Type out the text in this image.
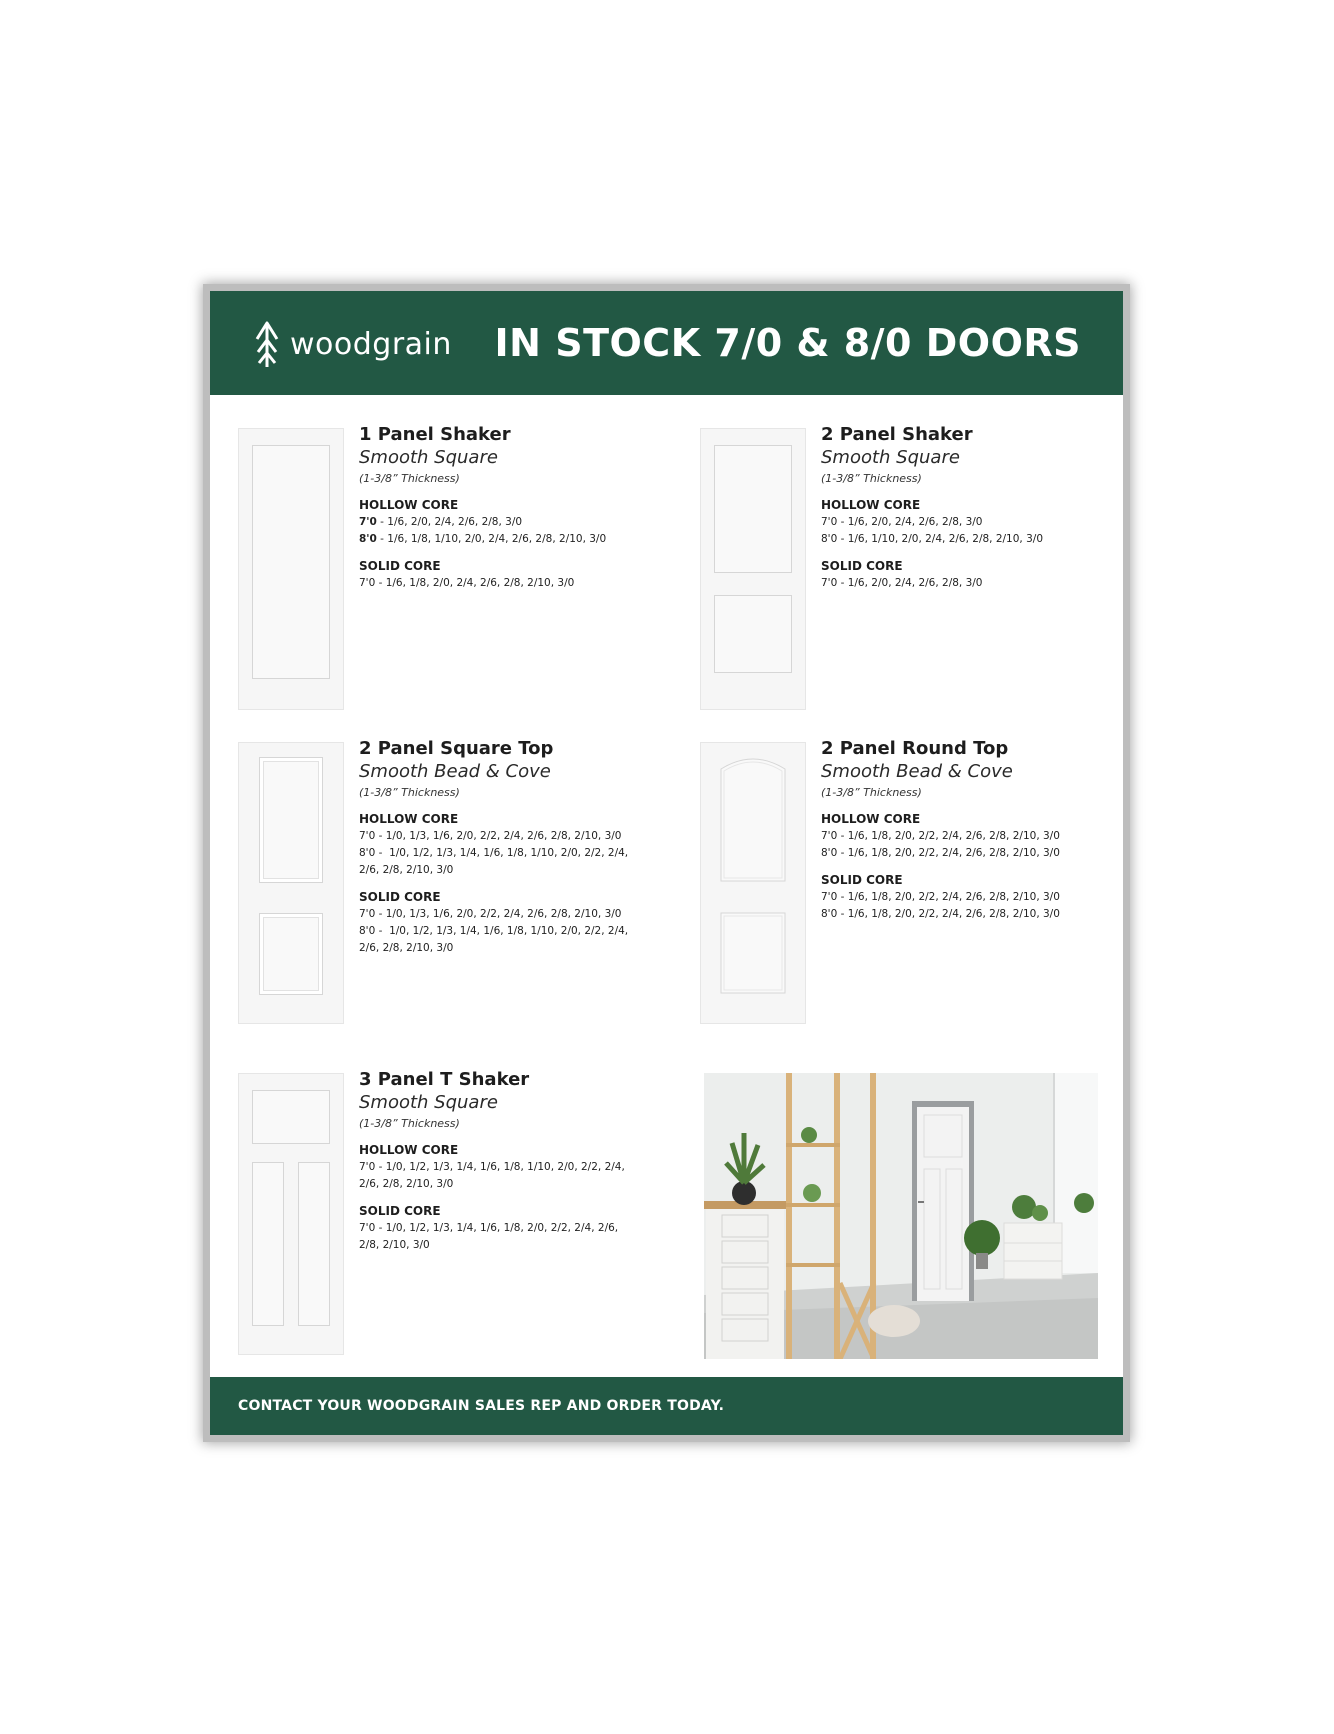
woodgrain IN STOCK 7/0 & 8/0 DOORS
1 Panel Shaker
Smooth Square
(1-3/8” Thickness)
HOLLOW CORE
7'0 - 1/6, 2/0, 2/4, 2/6, 2/8, 3/0
8'0 - 1/6, 1/8, 1/10, 2/0, 2/4, 2/6, 2/8, 2/10, 3/0
SOLID CORE
7'0 - 1/6, 1/8, 2/0, 2/4, 2/6, 2/8, 2/10, 3/0
2 Panel Shaker
Smooth Square
(1-3/8” Thickness)
HOLLOW CORE
7'0 - 1/6, 2/0, 2/4, 2/6, 2/8, 3/0
8'0 - 1/6, 1/10, 2/0, 2/4, 2/6, 2/8, 2/10, 3/0
SOLID CORE
7'0 - 1/6, 2/0, 2/4, 2/6, 2/8, 3/0
2 Panel Square Top
Smooth Bead & Cove
(1-3/8” Thickness)
HOLLOW CORE
7'0 - 1/0, 1/3, 1/6, 2/0, 2/2, 2/4, 2/6, 2/8, 2/10, 3/0
8'0 -  1/0, 1/2, 1/3, 1/4, 1/6, 1/8, 1/10, 2/0, 2/2, 2/4, 2/6, 2/8, 2/10, 3/0
SOLID CORE
7'0 - 1/0, 1/3, 1/6, 2/0, 2/2, 2/4, 2/6, 2/8, 2/10, 3/0
8'0 -  1/0, 1/2, 1/3, 1/4, 1/6, 1/8, 1/10, 2/0, 2/2, 2/4, 2/6, 2/8, 2/10, 3/0
2 Panel Round Top
Smooth Bead & Cove
(1-3/8” Thickness)
HOLLOW CORE
7'0 - 1/6, 1/8, 2/0, 2/2, 2/4, 2/6, 2/8, 2/10, 3/0
8'0 - 1/6, 1/8, 2/0, 2/2, 2/4, 2/6, 2/8, 2/10, 3/0
SOLID CORE
7'0 - 1/6, 1/8, 2/0, 2/2, 2/4, 2/6, 2/8, 2/10, 3/0
8'0 - 1/6, 1/8, 2/0, 2/2, 2/4, 2/6, 2/8, 2/10, 3/0
3 Panel T Shaker
Smooth Square
(1-3/8” Thickness)
HOLLOW CORE
7'0 - 1/0, 1/2, 1/3, 1/4, 1/6, 1/8, 1/10, 2/0, 2/2, 2/4, 2/6, 2/8, 2/10, 3/0
SOLID CORE
7'0 - 1/0, 1/2, 1/3, 1/4, 1/6, 1/8, 2/0, 2/2, 2/4, 2/6, 2/8, 2/10, 3/0
CONTACT YOUR WOODGRAIN SALES REP AND ORDER TODAY.
